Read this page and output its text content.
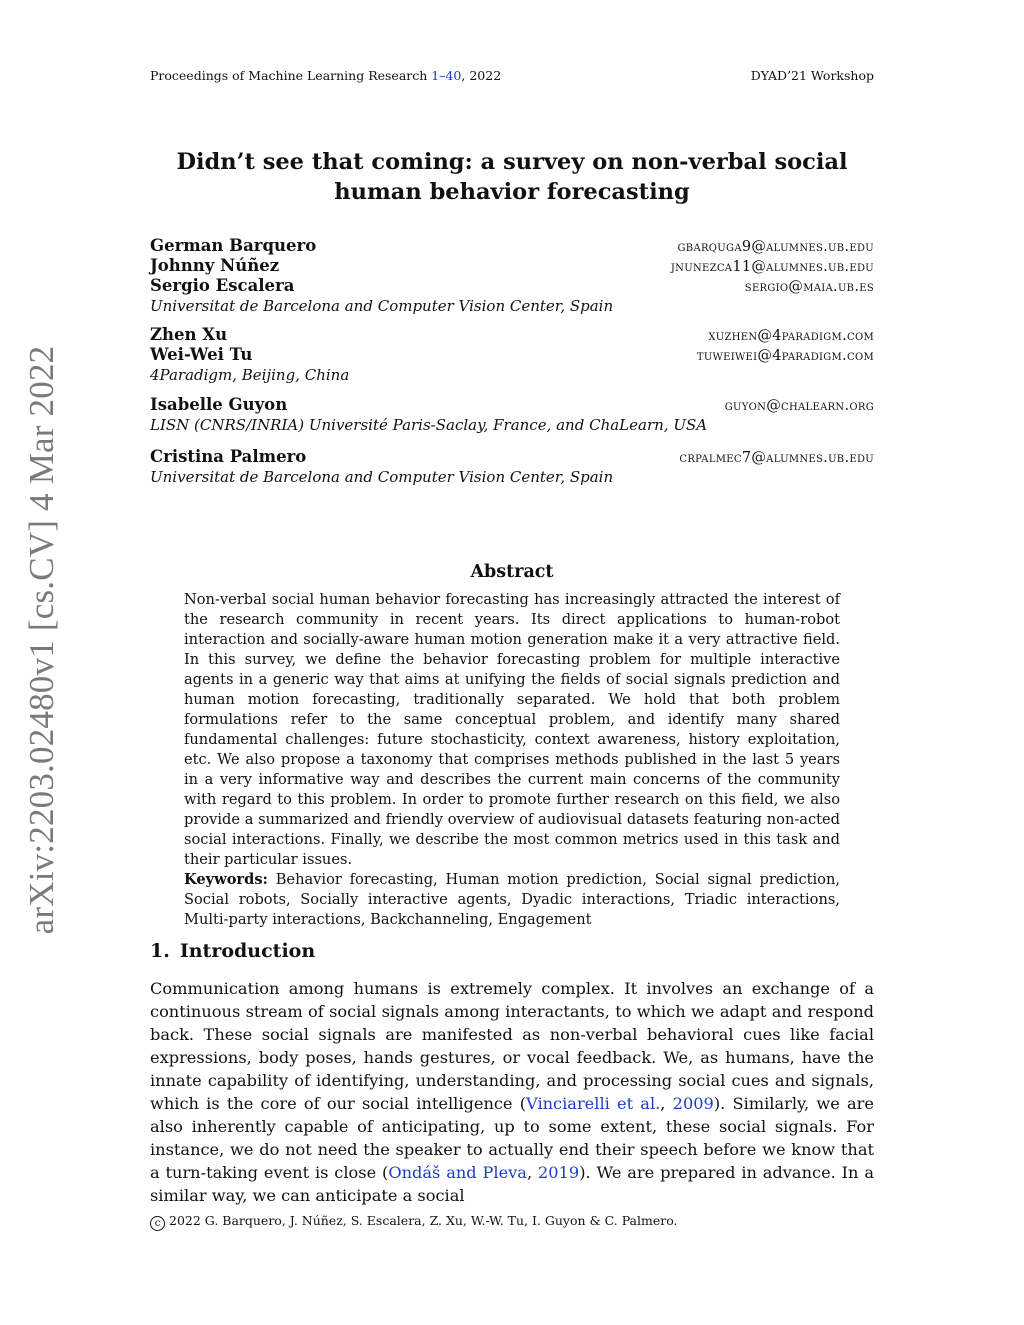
Proceedings of Machine Learning Research 1–40, 2022	DYAD’21 Workshop
arXiv:2203.02480v1 [cs.CV] 4 Mar 2022
Didn’t see that coming: a survey on non-verbal social human behavior forecasting
German Barquero	gbarquga9@alumnes.ub.edu
Johnny Núñez	jnunezca11@alumnes.ub.edu
Sergio Escalera	sergio@maia.ub.es
Universitat de Barcelona and Computer Vision Center, Spain
Zhen Xu	xuzhen@4paradigm.com
Wei-Wei Tu	tuweiwei@4paradigm.com
4Paradigm, Beijing, China
Isabelle Guyon	guyon@chalearn.org
LISN (CNRS/INRIA) Université Paris-Saclay, France, and ChaLearn, USA
Cristina Palmero	crpalmec7@alumnes.ub.edu
Universitat de Barcelona and Computer Vision Center, Spain
Abstract

Non-verbal social human behavior forecasting has increasingly attracted the interest of the research community in recent years. Its direct applications to human-robot interaction and socially-aware human motion generation make it a very attractive field. In this survey, we define the behavior forecasting problem for multiple interactive agents in a generic way that aims at unifying the fields of social signals prediction and human motion forecasting, traditionally separated. We hold that both problem formulations refer to the same conceptual problem, and identify many shared fundamental challenges: future stochasticity, context awareness, history exploitation, etc. We also propose a taxonomy that comprises methods published in the last 5 years in a very informative way and describes the current main concerns of the community with regard to this problem. In order to promote further research on this field, we also provide a summarized and friendly overview of audiovisual datasets featuring non-acted social interactions. Finally, we describe the most common metrics used in this task and their particular issues.

Keywords: Behavior forecasting, Human motion prediction, Social signal prediction, Social robots, Socially interactive agents, Dyadic interactions, Triadic interactions, Multi-party interactions, Backchanneling, Engagement

1. Introduction
Communication among humans is extremely complex. It involves an exchange of a continuous stream of social signals among interactants, to which we adapt and respond back. These social signals are manifested as non-verbal behavioral cues like facial expressions, body poses, hands gestures, or vocal feedback. We, as humans, have the innate capability of identifying, understanding, and processing social cues and signals, which is the core of our social intelligence (Vinciarelli et al., 2009). Similarly, we are also inherently capable of anticipating, up to some extent, these social signals. For instance, we do not need the speaker to actually end their speech before we know that a turn-taking event is close (Ondáš and Pleva, 2019). We are prepared in advance. In a similar way, we can anticipate a social
c 2022 G. Barquero, J. Núñez, S. Escalera, Z. Xu, W.-W. Tu, I. Guyon & C. Palmero.
